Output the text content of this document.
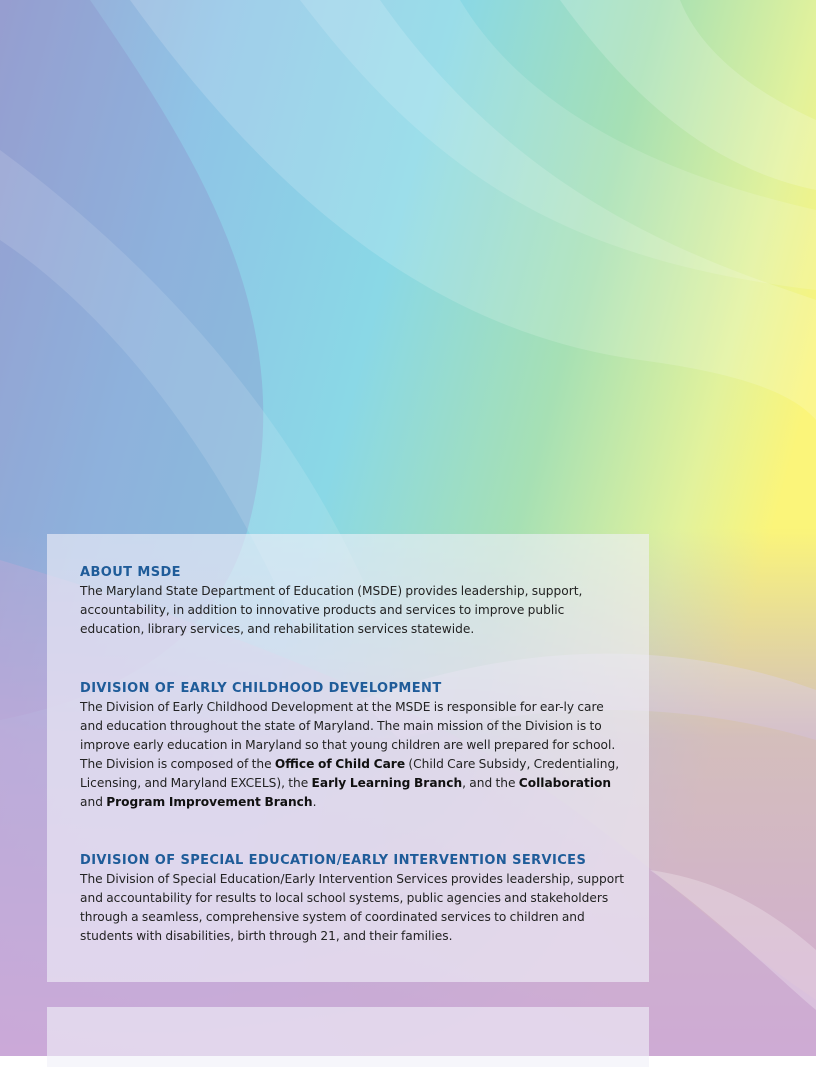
ABOUT MSDE

The Maryland State Department of Education (MSDE) provides leadership, support, accountability, in addition to innovative products and services to improve public education, library services, and rehabilitation services statewide.

DIVISION OF EARLY CHILDHOOD DEVELOPMENT

The Division of Early Childhood Development at the MSDE is responsible for ear-ly care and education throughout the state of Maryland. The main mission of the Division is to improve early education in Maryland so that young children are well prepared for school. The Division is composed of the Office of Child Care (Child Care Subsidy, Credentialing, Licensing, and Maryland EXCELS), the Early Learning Branch, and the Collaboration and Program Improvement Branch.

DIVISION OF SPECIAL EDUCATION/EARLY INTERVENTION SERVICES

The Division of Special Education/Early Intervention Services provides leadership, support and accountability for results to local school systems, public agencies and stakeholders through a seamless, comprehensive system of coordinated services to children and students with disabilities, birth through 21, and their families.
